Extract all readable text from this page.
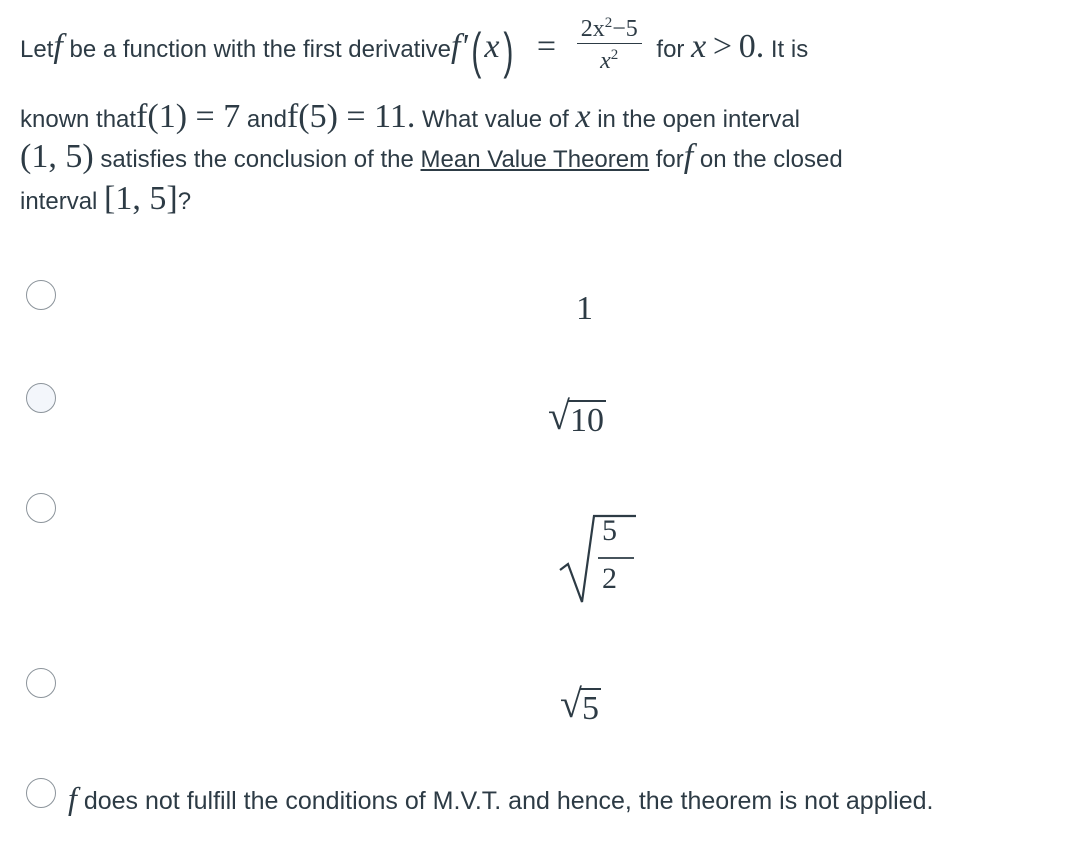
Letf be a function with the first derivativef'(x) = $\frac{2x^2-5}{x^2}$ for x > 0. It is
known thatf(1) = 7 andf(5) = 11. What value of x in the open interval
(1, 5) satisfies the conclusion of the Mean Value Theorem forf on the closed
interval [1, 5]?
1
√ 10
5
2
√ 5
f does not fulfill the conditions of M.V.T. and hence, the theorem is not applied.
